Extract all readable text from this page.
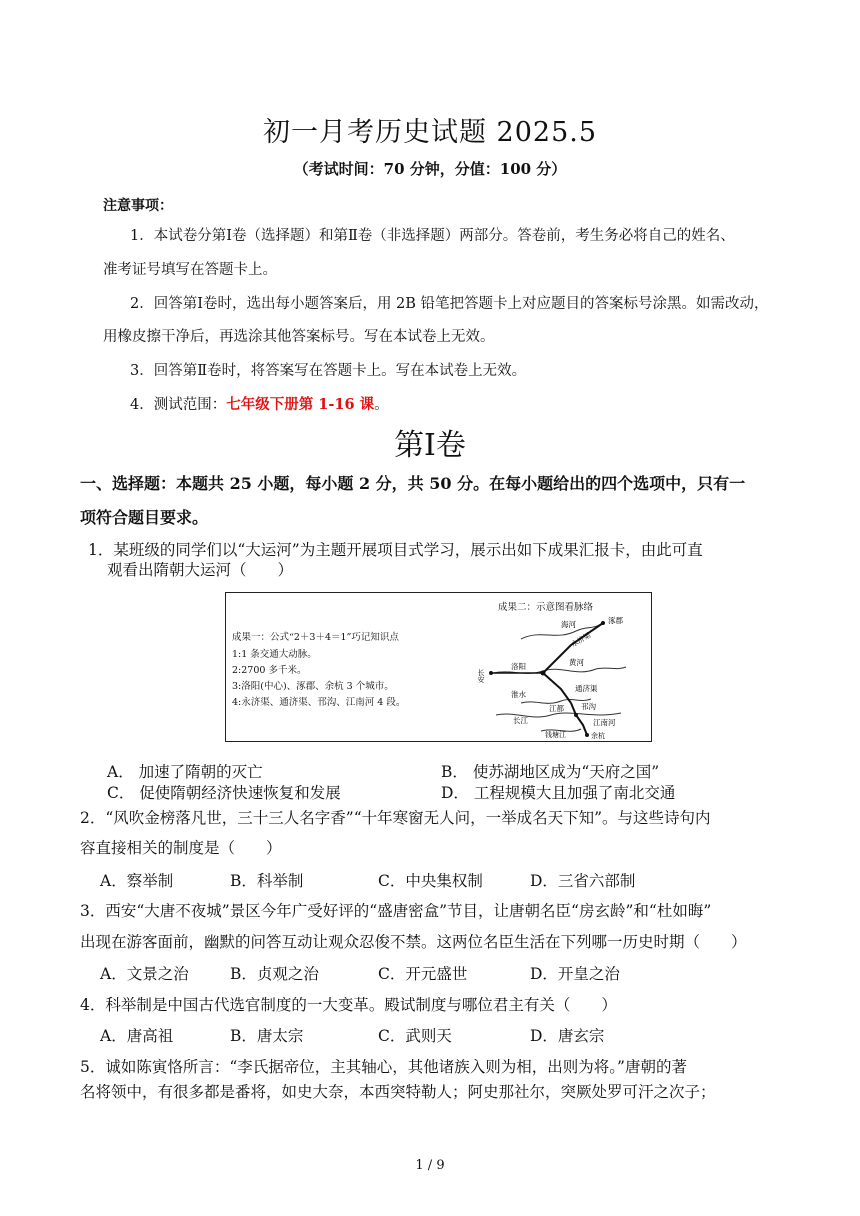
初一月考历史试题 2025.5
（考试时间：70 分钟，分值：100 分）
注意事项：
1．本试卷分第Ⅰ卷（选择题）和第Ⅱ卷（非选择题）两部分。答卷前，考生务必将自己的姓名、
准考证号填写在答题卡上。
2．回答第Ⅰ卷时，选出每小题答案后，用 2B 铅笔把答题卡上对应题目的答案标号涂黑。如需改动，
用橡皮擦干净后，再选涂其他答案标号。写在本试卷上无效。
3．回答第Ⅱ卷时，将答案写在答题卡上。写在本试卷上无效。
4．测试范围：七年级下册第 1-16 课。
第Ⅰ卷
一、选择题：本题共 25 小题，每小题 2 分，共 50 分。在每小题给出的四个选项中，只有一
项符合题目要求。
1．某班级的同学们以“大运河”为主题开展项目式学习，展示出如下成果汇报卡，由此可直
观看出隋朝大运河（　　）
成果一：公式“2＋3＋4＝1”巧记知识点
1:1 条交通大动脉。
2:2700 多千米。
3:洛阳(中心)、涿郡、余杭 3 个城市。
4:永济渠、通济渠、邗沟、江南河 4 段。
成果二：示意图看脉络
涿郡
海河
永济渠
长安
洛阳	黄河
通济渠
淮水
长江
江都 邗沟
江南河
钱塘江	余杭
A． 加速了隋朝的灭亡	B． 使苏湖地区成为“天府之国”
C． 促使隋朝经济快速恢复和发展	D． 工程规模大且加强了南北交通
2．“风吹金榜落凡世，三十三人名字香”“十年寒窗无人问，一举成名天下知”。与这些诗句内
容直接相关的制度是（　　）
A．察举制	B．科举制	C．中央集权制	D．三省六部制
3．西安“大唐不夜城”景区今年广受好评的“盛唐密盒”节目，让唐朝名臣“房玄龄”和“杜如晦”
出现在游客面前，幽默的问答互动让观众忍俊不禁。这两位名臣生活在下列哪一历史时期（　　）
A．文景之治	B．贞观之治	C．开元盛世	D．开皇之治
4．科举制是中国古代选官制度的一大变革。殿试制度与哪位君主有关（　　）
A．唐高祖	B．唐太宗	C．武则天	D．唐玄宗
5．诚如陈寅恪所言：“李氏据帝位，主其轴心，其他诸族入则为相，出则为将。”唐朝的著
名将领中，有很多都是番将，如史大奈，本西突特勒人；阿史那社尔，突厥处罗可汗之次子；
1 / 9
